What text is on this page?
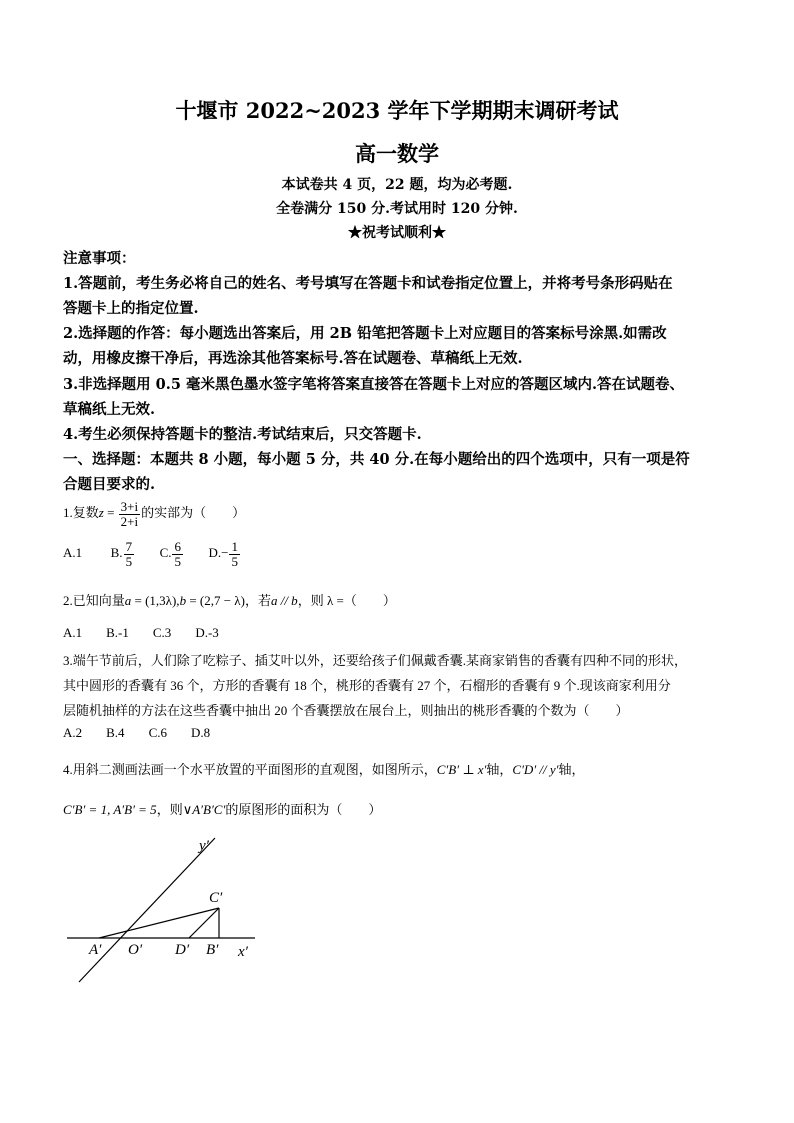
十堰市 2022~2023 学年下学期期末调研考试
高一数学
本试卷共 4 页，22 题，均为必考题.
全卷满分 150 分.考试用时 120 分钟.
★祝考试顺利★
注意事项：
1.答题前，考生务必将自己的姓名、考号填写在答题卡和试卷指定位置上，并将考号条形码贴在
答题卡上的指定位置.
2.选择题的作答：每小题选出答案后，用 2B 铅笔把答题卡上对应题目的答案标号涂黑.如需改
动，用橡皮擦干净后，再选涂其他答案标号.答在试题卷、草稿纸上无效.
3.非选择题用 0.5 毫米黑色墨水签字笔将答案直接答在答题卡上对应的答题区域内.答在试题卷、
草稿纸上无效.
4.考生必须保持答题卡的整洁.考试结束后，只交答题卡.
一、选择题：本题共 8 小题，每小题 5 分，共 40 分.在每小题给出的四个选项中，只有一项是符
合题目要求的.
1.复数$z = \frac{3+i}{2+i}$ 的实部为（　　）
A.1 B. $\frac{7}{5} C$. $\frac{6}{5} D.- \frac{1}{5}$
2.已知向量a = (1,3λ),b = (2,7 − λ)，若a // b，则 λ =（　　）
A.1 B.-1 C.3 D.-3
3.端午节前后，人们除了吃粽子、插艾叶以外，还要给孩子们佩戴香囊.某商家销售的香囊有四种不同的形状，
其中圆形的香囊有 36 个，方形的香囊有 18 个，桃形的香囊有 27 个，石榴形的香囊有 9 个.现该商家利用分
层随机抽样的方法在这些香囊中抽出 20 个香囊摆放在展台上，则抽出的桃形香囊的个数为（　　）
A.2 B.4 C.6 D.8
4.用斜二测画法画一个水平放置的平面图形的直观图，如图所示，C′B′ ⊥ x′轴，C′D′ // y′轴，
C′B′ = 1, A′B′ = 5，则∨A′B′C′的原图形的面积为（　　）
y′
x′
A′ O′ D′ B′
C′
